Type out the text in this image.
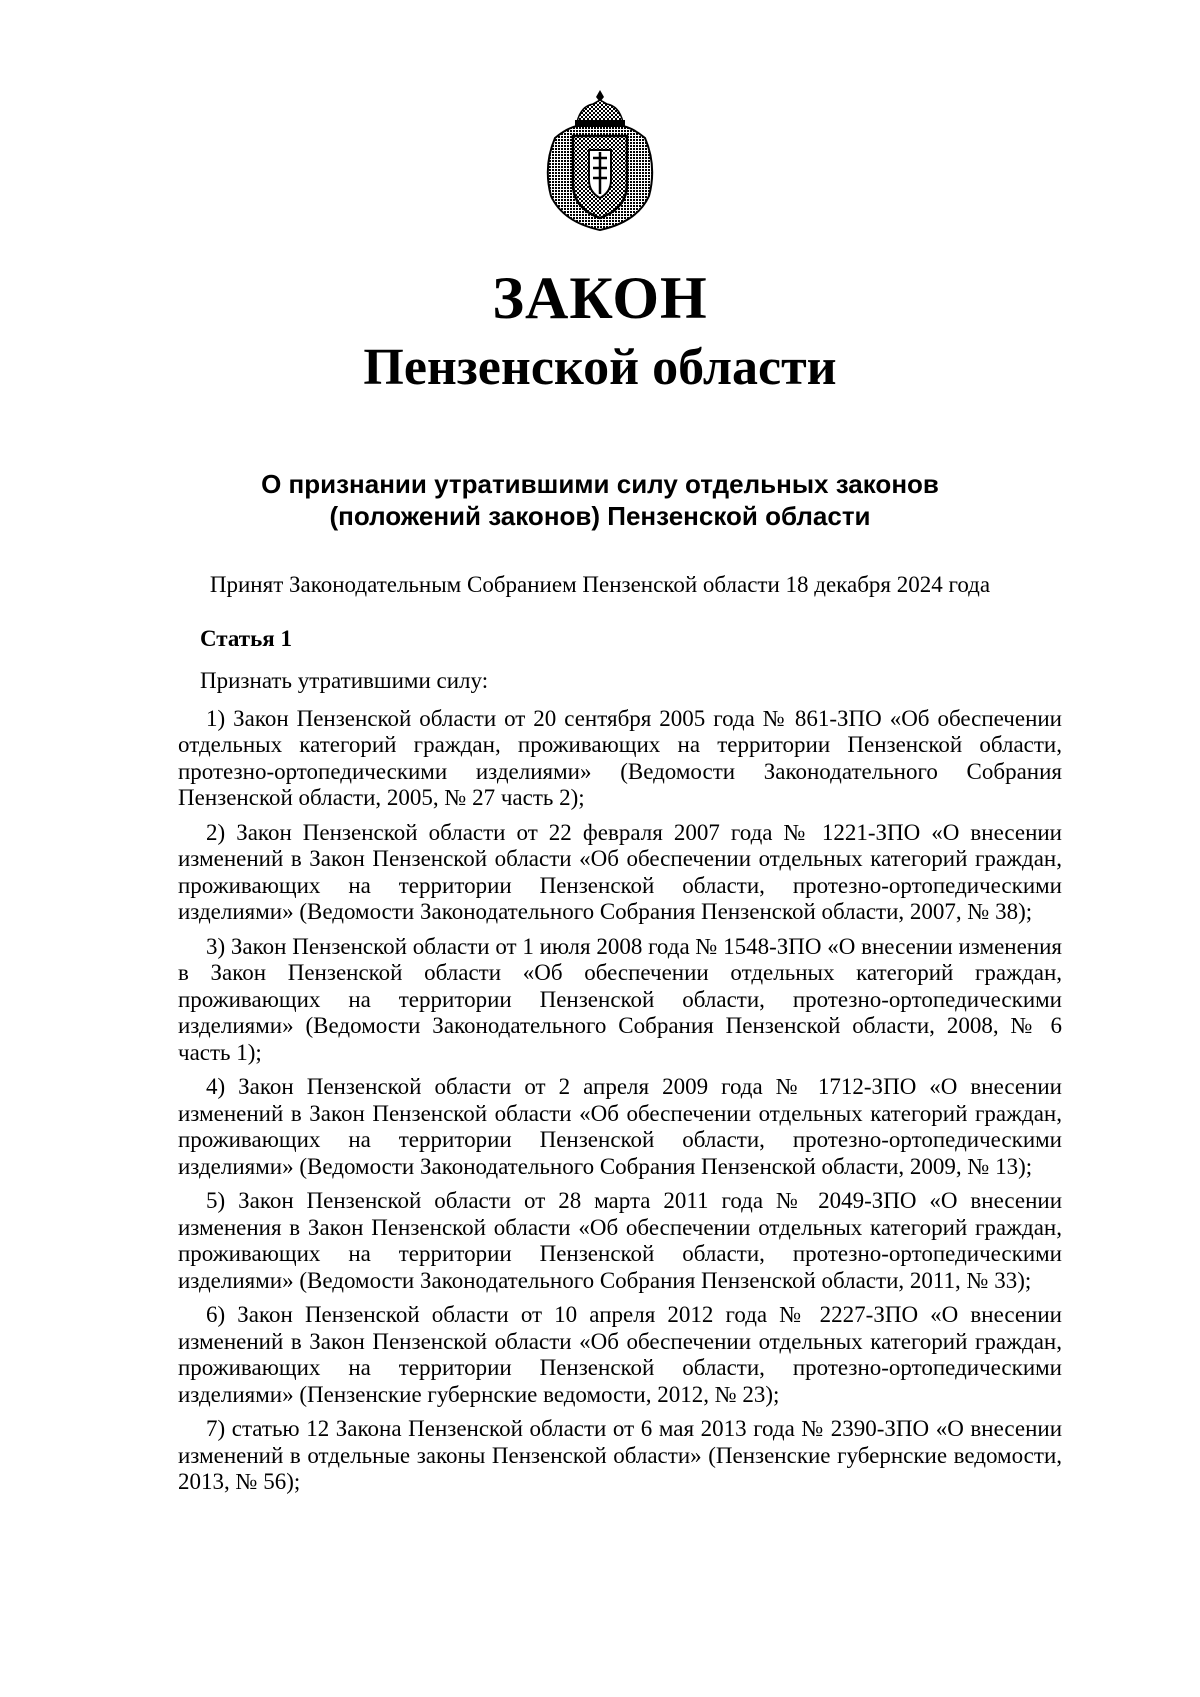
ЗАКОН
Пензенской области
О признании утратившими силу отдельных законов
(положений законов) Пензенской области

Принят Законодательным Собранием Пензенской области 18 декабря 2024 года

Статья 1

Признать утратившими силу:

1) Закон Пензенской области от 20 сентября 2005 года № 861-ЗПО «Об обеспечении отдельных категорий граждан, проживающих на территории Пензенской области, протезно-ортопедическими изделиями» (Ведомости Законодательного Собрания Пензенской области, 2005, № 27 часть 2);

2) Закон Пензенской области от 22 февраля 2007 года № 1221-ЗПО «О внесении изменений в Закон Пензенской области «Об обеспечении отдельных категорий граждан, проживающих на территории Пензенской области, протезно-ортопедическими изделиями» (Ведомости Законодательного Собрания Пензенской области, 2007, № 38);

3) Закон Пензенской области от 1 июля 2008 года № 1548-ЗПО «О внесении изменения в Закон Пензенской области «Об обеспечении отдельных категорий граждан, проживающих на территории Пензенской области, протезно-ортопедическими изделиями» (Ведомости Законодательного Собрания Пензенской области, 2008, № 6 часть 1);

4) Закон Пензенской области от 2 апреля 2009 года № 1712-ЗПО «О внесении изменений в Закон Пензенской области «Об обеспечении отдельных категорий граждан, проживающих на территории Пензенской области, протезно-ортопедическими изделиями» (Ведомости Законодательного Собрания Пензенской области, 2009, № 13);

5) Закон Пензенской области от 28 марта 2011 года № 2049-ЗПО «О внесении изменения в Закон Пензенской области «Об обеспечении отдельных категорий граждан, проживающих на территории Пензенской области, протезно-ортопедическими изделиями» (Ведомости Законодательного Собрания Пензенской области, 2011, № 33);

6) Закон Пензенской области от 10 апреля 2012 года № 2227-ЗПО «О внесении изменений в Закон Пензенской области «Об обеспечении отдельных категорий граждан, проживающих на территории Пензенской области, протезно-ортопедическими изделиями» (Пензенские губернские ведомости, 2012, № 23);

7) статью 12 Закона Пензенской области от 6 мая 2013 года № 2390-ЗПО «О внесении изменений в отдельные законы Пензенской области» (Пензенские губернские ведомости, 2013, № 56);
